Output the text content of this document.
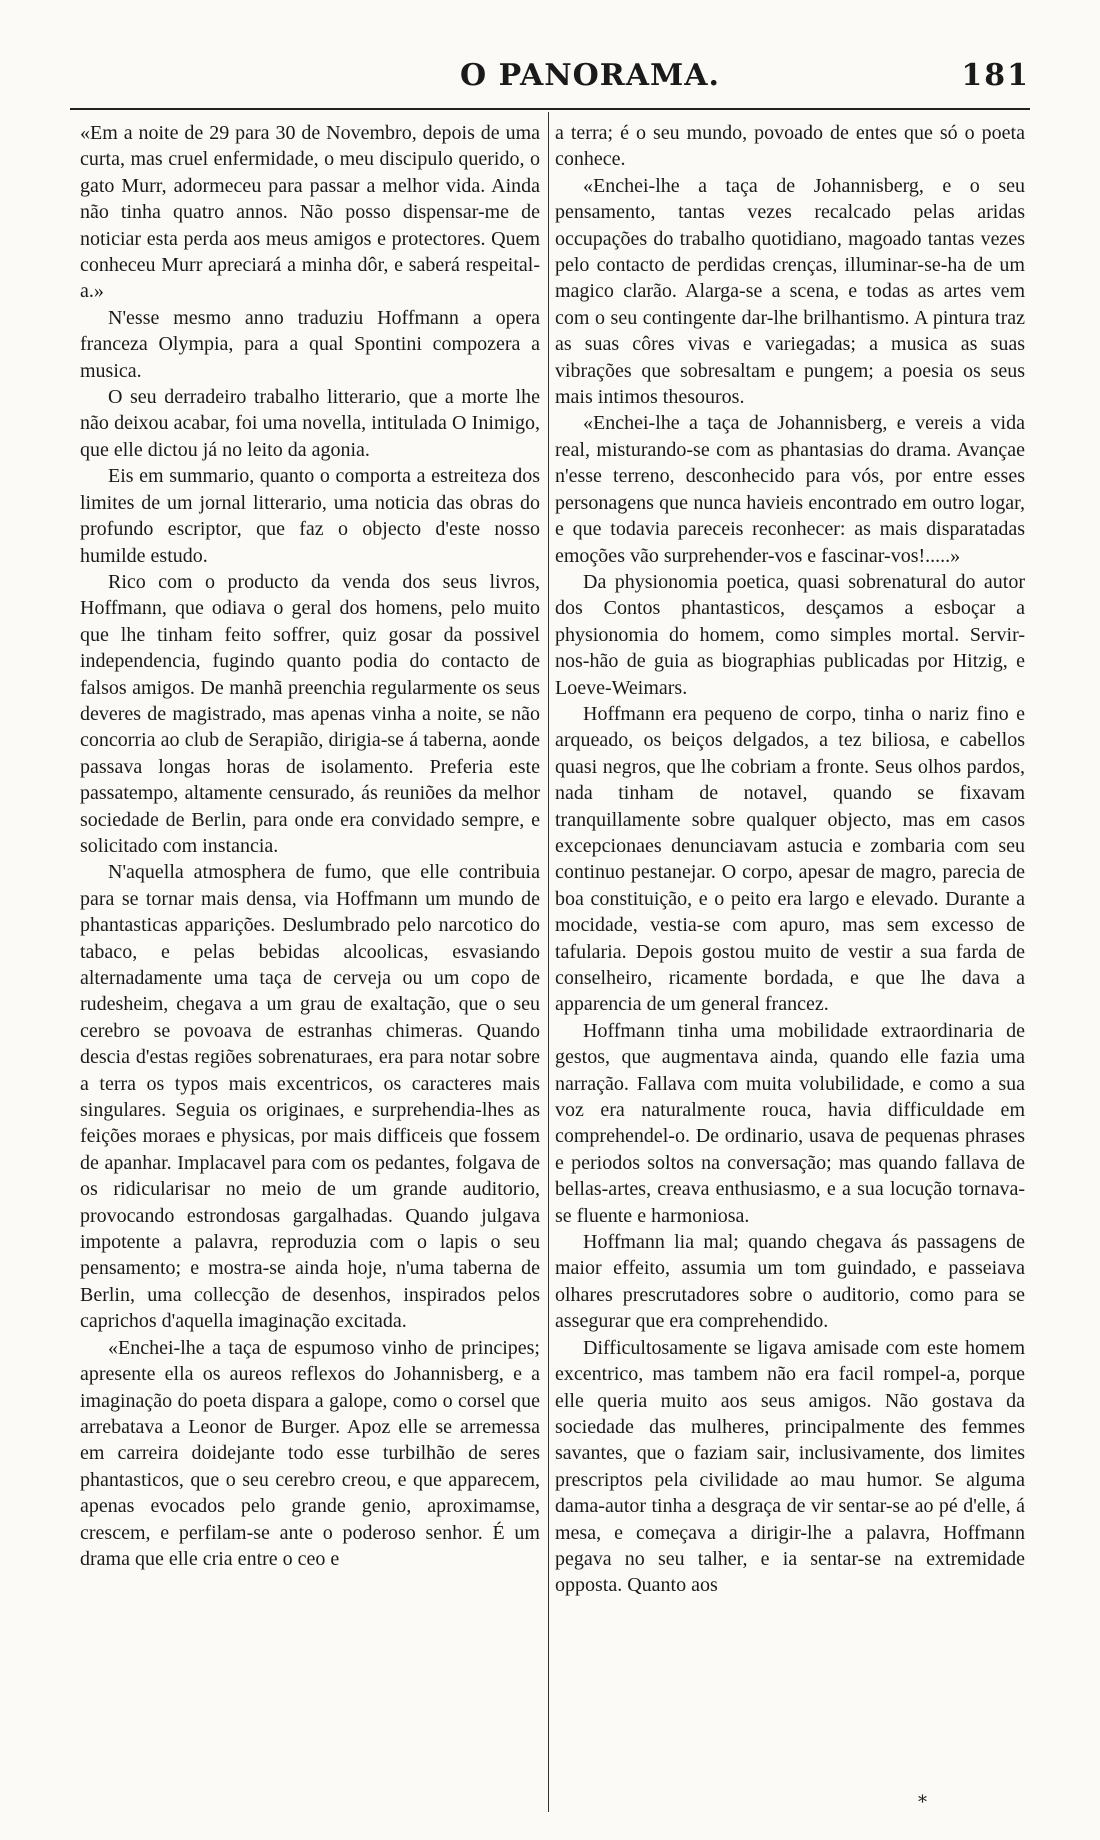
O PANORAMA.	181

«Em a noite de 29 para 30 de Novembro, depois de uma curta, mas cruel enfermidade, o meu discipulo querido, o gato Murr, adormeceu para passar a melhor vida. Ainda não tinha quatro annos. Não posso dispensar-me de noticiar esta perda aos meus amigos e protectores. Quem conheceu Murr apreciará a minha dôr, e saberá respeital-a.»

N'esse mesmo anno traduziu Hoffmann a opera franceza Olympia, para a qual Spontini compozera a musica.

O seu derradeiro trabalho litterario, que a morte lhe não deixou acabar, foi uma novella, intitulada O Inimigo, que elle dictou já no leito da agonia.

Eis em summario, quanto o comporta a estreiteza dos limites de um jornal litterario, uma noticia das obras do profundo escriptor, que faz o objecto d'este nosso humilde estudo.

Rico com o producto da venda dos seus livros, Hoffmann, que odiava o geral dos homens, pelo muito que lhe tinham feito soffrer, quiz gosar da possivel independencia, fugindo quanto podia do contacto de falsos amigos. De manhã preenchia regularmente os seus deveres de magistrado, mas apenas vinha a noite, se não concorria ao club de Serapião, dirigia-se á taberna, aonde passava longas horas de isolamento. Preferia este passatempo, altamente censurado, ás reuniões da melhor sociedade de Berlin, para onde era convidado sempre, e solicitado com instancia.

N'aquella atmosphera de fumo, que elle contribuia para se tornar mais densa, via Hoffmann um mundo de phantasticas apparições. Deslumbrado pelo narcotico do tabaco, e pelas bebidas alcoolicas, esvasiando alternadamente uma taça de cerveja ou um copo de rudesheim, chegava a um grau de exaltação, que o seu cerebro se povoava de estranhas chimeras. Quando descia d'estas regiões sobrenaturaes, era para notar sobre a terra os typos mais excentricos, os caracteres mais singulares. Seguia os originaes, e surprehendia-lhes as feições moraes e physicas, por mais difficeis que fossem de apanhar. Implacavel para com os pedantes, folgava de os ridicularisar no meio de um grande auditorio, provocando estrondosas gargalhadas. Quando julgava impotente a palavra, reproduzia com o lapis o seu pensamento; e mostra-se ainda hoje, n'uma taberna de Berlin, uma collecção de desenhos, inspirados pelos caprichos d'aquella imaginação excitada.

«Enchei-lhe a taça de espumoso vinho de principes; apresente ella os aureos reflexos do Johannisberg, e a imaginação do poeta dispara a galope, como o corsel que arrebatava a Leonor de Burger. Apoz elle se arremessa em carreira doidejante todo esse turbilhão de seres phantasticos, que o seu cerebro creou, e que apparecem, apenas evocados pelo grande genio, aproximamse, crescem, e perfilam-se ante o poderoso senhor. É um drama que elle cria entre o ceo e

a terra; é o seu mundo, povoado de entes que só o poeta conhece.

«Enchei-lhe a taça de Johannisberg, e o seu pensamento, tantas vezes recalcado pelas aridas occupações do trabalho quotidiano, magoado tantas vezes pelo contacto de perdidas crenças, illuminar-se-ha de um magico clarão. Alarga-se a scena, e todas as artes vem com o seu contingente dar-lhe brilhantismo. A pintura traz as suas côres vivas e variegadas; a musica as suas vibrações que sobresaltam e pungem; a poesia os seus mais intimos thesouros.

«Enchei-lhe a taça de Johannisberg, e vereis a vida real, misturando-se com as phantasias do drama. Avançae n'esse terreno, desconhecido para vós, por entre esses personagens que nunca havieis encontrado em outro logar, e que todavia pareceis reconhecer: as mais disparatadas emoções vão surprehender-vos e fascinar-vos!.....»

Da physionomia poetica, quasi sobrenatural do autor dos Contos phantasticos, desçamos a esboçar a physionomia do homem, como simples mortal. Servir-nos-hão de guia as biographias publicadas por Hitzig, e Loeve-Weimars.

Hoffmann era pequeno de corpo, tinha o nariz fino e arqueado, os beiços delgados, a tez biliosa, e cabellos quasi negros, que lhe cobriam a fronte. Seus olhos pardos, nada tinham de notavel, quando se fixavam tranquillamente sobre qualquer objecto, mas em casos excepcionaes denunciavam astucia e zombaria com seu continuo pestanejar. O corpo, apesar de magro, parecia de boa constituição, e o peito era largo e elevado. Durante a mocidade, vestia-se com apuro, mas sem excesso de tafularia. Depois gostou muito de vestir a sua farda de conselheiro, ricamente bordada, e que lhe dava a apparencia de um general francez.

Hoffmann tinha uma mobilidade extraordinaria de gestos, que augmentava ainda, quando elle fazia uma narração. Fallava com muita volubilidade, e como a sua voz era naturalmente rouca, havia difficuldade em comprehendel-o. De ordinario, usava de pequenas phrases e periodos soltos na conversação; mas quando fallava de bellas-artes, creava enthusiasmo, e a sua locução tornava-se fluente e harmoniosa.

Hoffmann lia mal; quando chegava ás passagens de maior effeito, assumia um tom guindado, e passeiava olhares prescrutadores sobre o auditorio, como para se assegurar que era comprehendido.

Difficultosamente se ligava amisade com este homem excentrico, mas tambem não era facil rompel-a, porque elle queria muito aos seus amigos. Não gostava da sociedade das mulheres, principalmente des femmes savantes, que o faziam sair, inclusivamente, dos limites prescriptos pela civilidade ao mau humor. Se alguma dama-autor tinha a desgraça de vir sentar-se ao pé d'elle, á mesa, e começava a dirigir-lhe a palavra, Hoffmann pegava no seu talher, e ia sentar-se na extremidade opposta. Quanto aos

*
